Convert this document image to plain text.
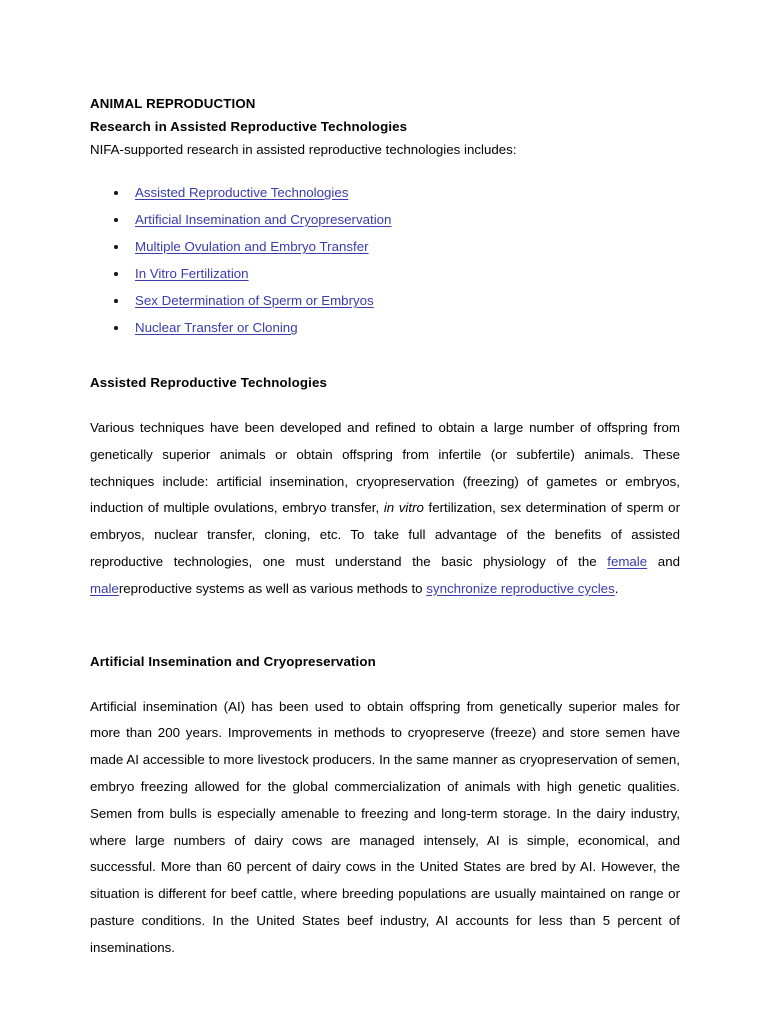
ANIMAL REPRODUCTION
Research in Assisted Reproductive Technologies

NIFA-supported research in assisted reproductive technologies includes:

Assisted Reproductive Technologies
Artificial Insemination and Cryopreservation
Multiple Ovulation and Embryo Transfer
In Vitro Fertilization
Sex Determination of Sperm or Embryos
Nuclear Transfer or Cloning
Assisted Reproductive Technologies

Various techniques have been developed and refined to obtain a large number of offspring from genetically superior animals or obtain offspring from infertile (or subfertile) animals. These techniques include: artificial insemination, cryopreservation (freezing) of gametes or embryos, induction of multiple ovulations, embryo transfer, in vitro fertilization, sex determination of sperm or embryos, nuclear transfer, cloning, etc. To take full advantage of the benefits of assisted reproductive technologies, one must understand the basic physiology of the female and malereproductive systems as well as various methods to synchronize reproductive cycles.

Artificial Insemination and Cryopreservation

Artificial insemination (AI) has been used to obtain offspring from genetically superior males for more than 200 years. Improvements in methods to cryopreserve (freeze) and store semen have made AI accessible to more livestock producers. In the same manner as cryopreservation of semen, embryo freezing allowed for the global commercialization of animals with high genetic qualities. Semen from bulls is especially amenable to freezing and long-term storage. In the dairy industry, where large numbers of dairy cows are managed intensely, AI is simple, economical, and successful. More than 60 percent of dairy cows in the United States are bred by AI. However, the situation is different for beef cattle, where breeding populations are usually maintained on range or pasture conditions. In the United States beef industry, AI accounts for less than 5 percent of inseminations.
